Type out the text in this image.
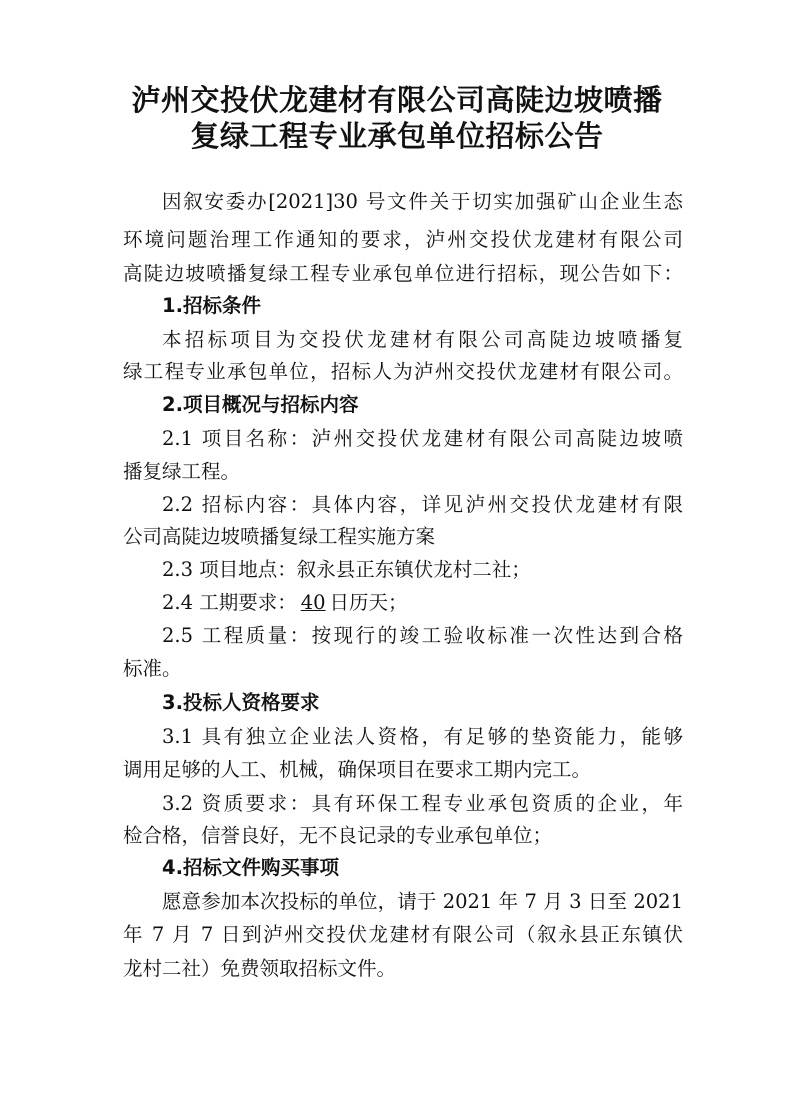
泸州交投伏龙建材有限公司高陡边坡喷播
复绿工程专业承包单位招标公告
因叙安委办[2021]30 号文件关于切实加强矿山企业生态
环境问题治理工作通知的要求，泸州交投伏龙建材有限公司
高陡边坡喷播复绿工程专业承包单位进行招标，现公告如下：
1.招标条件
本招标项目为交投伏龙建材有限公司高陡边坡喷播复
绿工程专业承包单位，招标人为泸州交投伏龙建材有限公司。
2.项目概况与招标内容
2.1 项目名称：泸州交投伏龙建材有限公司高陡边坡喷
播复绿工程。
2.2 招标内容：具体内容，详见泸州交投伏龙建材有限
公司高陡边坡喷播复绿工程实施方案
2.3 项目地点：叙永县正东镇伏龙村二社；
2.4 工期要求： 40 日历天；
2.5 工程质量：按现行的竣工验收标准一次性达到合格
标准。
3.投标人资格要求
3.1 具有独立企业法人资格，有足够的垫资能力，能够
调用足够的人工、机械，确保项目在要求工期内完工。
3.2 资质要求：具有环保工程专业承包资质的企业，年
检合格，信誉良好，无不良记录的专业承包单位；
4.招标文件购买事项
愿意参加本次投标的单位，请于 2021 年 7 月 3 日至 2021
年 7 月 7 日到泸州交投伏龙建材有限公司（叙永县正东镇伏
龙村二社）免费领取招标文件。
